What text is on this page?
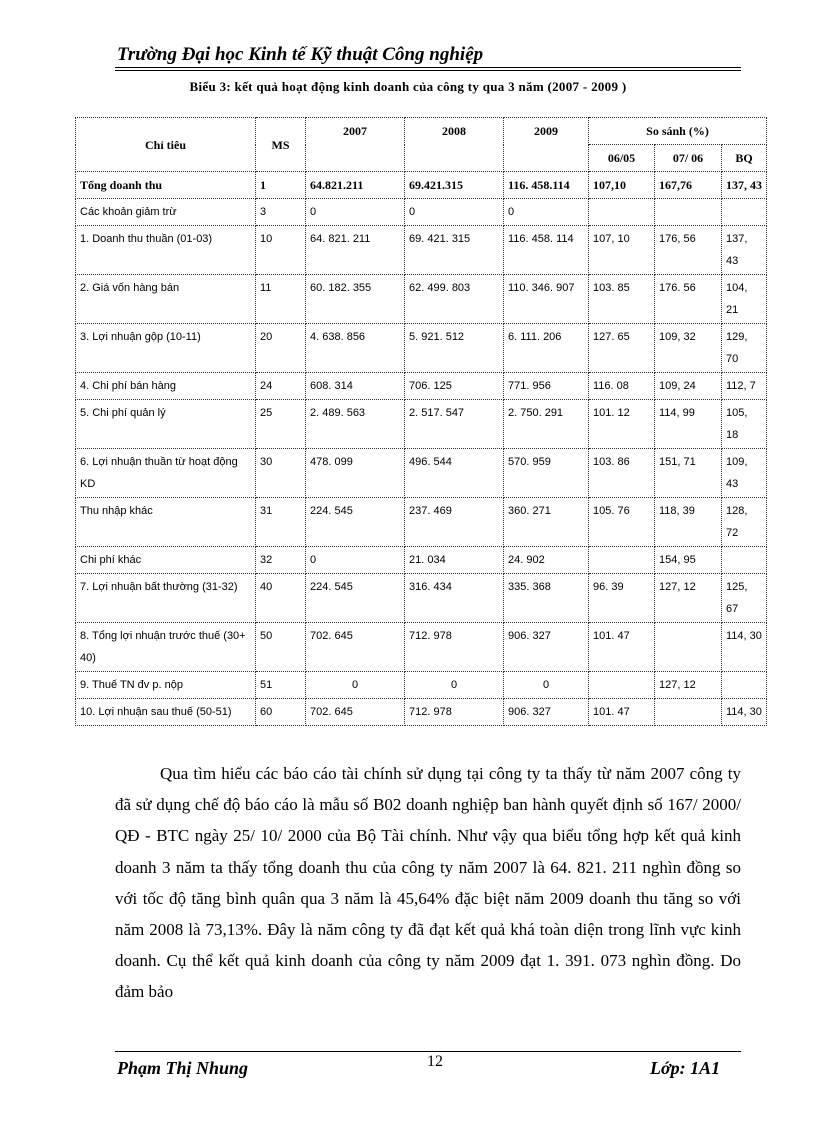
Trường Đại học Kinh tế Kỹ thuật Công nghiệp
Biểu 3: kết quả hoạt động kinh doanh của công ty qua 3 năm (2007 - 2009 )
Chỉ tiêu	MS	2007	2008	2009	So sánh (%)		
					06/05	07/ 06	BQ
Tổng doanh thu	1	64.821.211	69.421.315	116. 458.114	107,10	167,76	137, 43
Các khoản giảm trừ	3	0	0	0			
1. Doanh thu thuần (01-03)	10	64. 821. 211	69. 421. 315	116. 458. 114	107, 10	176, 56	137, 43
2. Giá vốn hàng bán	11	60. 182. 355	62. 499. 803	110. 346. 907	103. 85	176. 56	104, 21
3. Lợi nhuận gộp (10-11)	20	4. 638. 856	5. 921. 512	6. 111. 206	127. 65	109, 32	129, 70
4. Chi phí bán hàng	24	608. 314	706. 125	771. 956	116. 08	109, 24	112, 7
5. Chi phí quản lý	25	2. 489. 563	2. 517. 547	2. 750. 291	101. 12	114, 99	105, 18
6. Lợi nhuận thuần từ hoạt động KD	30	478. 099	496. 544	570. 959	103. 86	151, 71	109, 43
Thu nhập khác	31	224. 545	237. 469	360. 271	105. 76	118, 39	128, 72
Chi phí khác	32	0	21. 034	24. 902		154, 95	
7. Lợi nhuận bất thường (31-32)	40	224. 545	316. 434	335. 368	96. 39	127, 12	125, 67
8. Tổng lợi nhuận trước thuế (30+ 40)	50	702. 645	712. 978	906. 327	101. 47		114, 30
9. Thuế TN đv p. nộp	51	0	0	0		127, 12	
10. Lợi nhuận sau thuế (50-51)	60	702. 645	712. 978	906. 327	101. 47		114, 30

Qua tìm hiểu các báo cáo tài chính sử dụng tại công ty ta thấy từ năm 2007 công ty đã sử dụng chế độ báo cáo là mẫu số B02 doanh nghiệp ban hành quyết định số 167/ 2000/ QĐ - BTC ngày 25/ 10/ 2000 của Bộ Tài chính. Như vậy qua biểu tổng hợp kết quả kinh doanh 3 năm ta thấy tổng doanh thu của công ty năm 2007 là 64. 821. 211 nghìn đồng so với tốc độ tăng bình quân qua 3 năm là 45,64% đặc biệt năm 2009 doanh thu tăng so với năm 2008 là 73,13%. Đây là năm công ty đã đạt kết quả khá toàn diện trong lĩnh vực kinh doanh. Cụ thể kết quả kinh doanh của công ty năm 2009 đạt 1. 391. 073 nghìn đồng. Do đảm bảo

Phạm Thị Nhung	12	Lớp: 1A1
